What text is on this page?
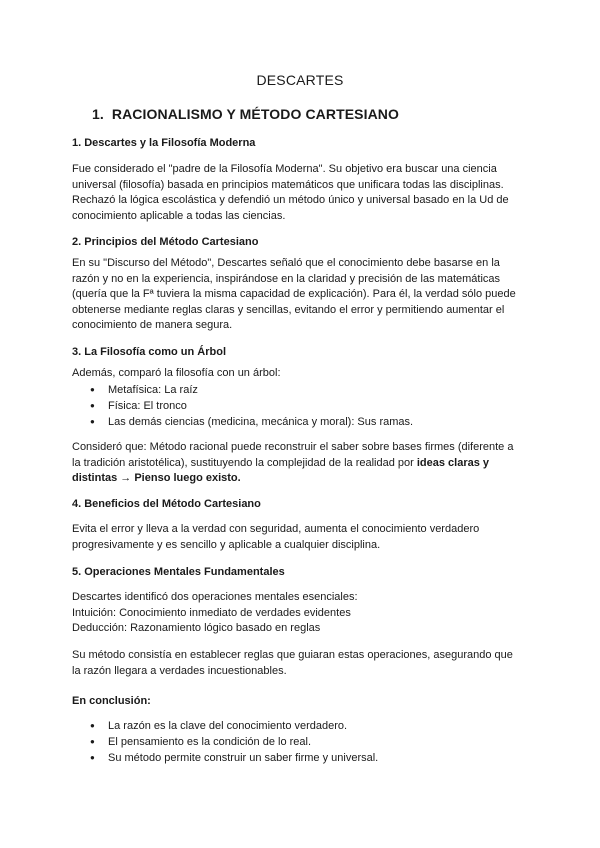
DESCARTES
1. RACIONALISMO Y MÉTODO CARTESIANO
1. Descartes y la Filosofía Moderna
Fue considerado el "padre de la Filosofía Moderna". Su objetivo era buscar una ciencia
universal (filosofía) basada en principios matemáticos que unificara todas las disciplinas.
Rechazó la lógica escolástica y defendió un método único y universal basado en la Ud de
conocimiento aplicable a todas las ciencias.
2. Principios del Método Cartesiano
En su "Discurso del Método", Descartes señaló que el conocimiento debe basarse en la
razón y no en la experiencia, inspirándose en la claridad y precisión de las matemáticas
(quería que la Fª tuviera la misma capacidad de explicación). Para él, la verdad sólo puede
obtenerse mediante reglas claras y sencillas, evitando el error y permitiendo aumentar el
conocimiento de manera segura.
3. La Filosofía como un Árbol
Además, comparó la filosofía con un árbol:
● Metafísica: La raíz
● Física: El tronco
● Las demás ciencias (medicina, mecánica y moral): Sus ramas.
Consideró que: Método racional puede reconstruir el saber sobre bases firmes (diferente a
la tradición aristotélica), sustituyendo la complejidad de la realidad por ideas claras y
distintas → Pienso luego existo.
4. Beneficios del Método Cartesiano
Evita el error y lleva a la verdad con seguridad, aumenta el conocimiento verdadero
progresivamente y es sencillo y aplicable a cualquier disciplina.
5. Operaciones Mentales Fundamentales
Descartes identificó dos operaciones mentales esenciales:
Intuición: Conocimiento inmediato de verdades evidentes
Deducción: Razonamiento lógico basado en reglas
Su método consistía en establecer reglas que guiaran estas operaciones, asegurando que
la razón llegara a verdades incuestionables.
En conclusión:
● La razón es la clave del conocimiento verdadero.
● El pensamiento es la condición de lo real.
● Su método permite construir un saber firme y universal.
